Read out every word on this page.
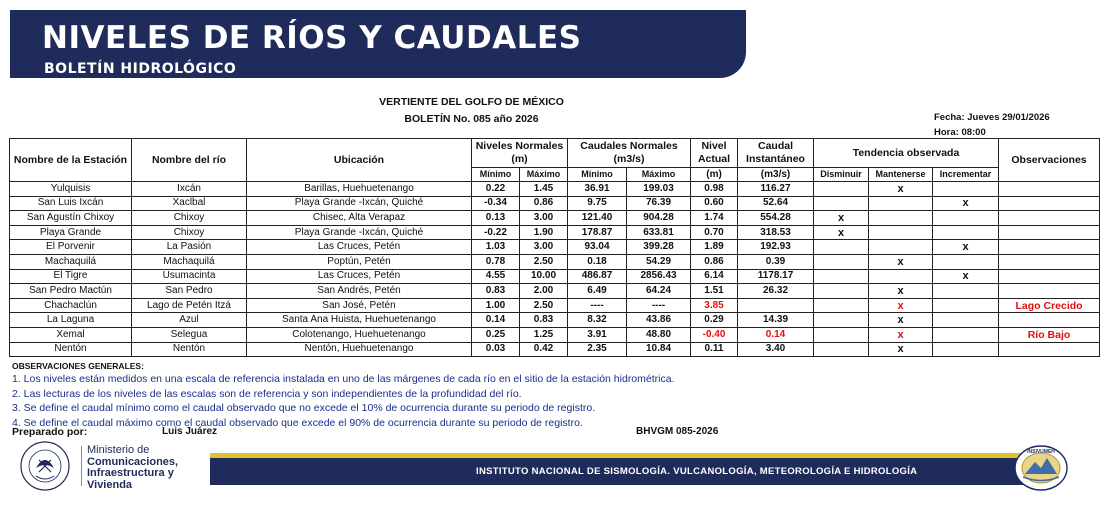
NIVELES DE RÍOS Y CAUDALES
BOLETÍN HIDROLÓGICO
VERTIENTE DEL GOLFO DE MÉXICO
BOLETÍN No. 085 año 2026	Fecha: Jueves 29/01/2026
Hora: 08:00
Nombre de la Estación	Nombre del río	Ubicación	Niveles Normales (m)		Caudales Normales (m3/s)		Nivel Actual	Caudal Instantáneo	Tendencia observada			Observaciones
			Mínimo	Máximo	Mínimo	Máximo	(m)	(m3/s)	Disminuir	Mantenerse	Incrementar	
Yulquisis	Ixcán	Barillas, Huehuetenango	0.22	1.45	36.91	199.03	0.98	116.27		x		
San Luis Ixcán	Xaclbal	Playa Grande -Ixcán, Quiché	-0.34	0.86	9.75	76.39	0.60	52.64			x	
San Agustín Chixoy	Chixoy	Chisec, Alta Verapaz	0.13	3.00	121.40	904.28	1.74	554.28	x			
Playa Grande	Chixoy	Playa Grande -Ixcán, Quiché	-0.22	1.90	178.87	633.81	0.70	318.53	x			
El Porvenir	La Pasión	Las Cruces, Petén	1.03	3.00	93.04	399.28	1.89	192.93			x	
Machaquilá	Machaquilá	Poptún, Petén	0.78	2.50	0.18	54.29	0.86	0.39		x		
El Tigre	Usumacinta	Las Cruces, Petén	4.55	10.00	486.87	2856.43	6.14	1178.17			x	
San Pedro Mactún	San Pedro	San Andrés, Petén	0.83	2.00	6.49	64.24	1.51	26.32		x		
Chachaclún	Lago de Petén Itzá	San José, Petén	1.00	2.50	----	----	3.85			x		Lago Crecido
La Laguna	Azul	Santa Ana Huista, Huehuetenango	0.14	0.83	8.32	43.86	0.29	14.39		x		
Xemal	Selegua	Colotenango, Huehuetenango	0.25	1.25	3.91	48.80	-0.40	0.14		x		Río Bajo
Nentón	Nentón	Nentón, Huehuetenango	0.03	0.42	2.35	10.84	0.11	3.40		x		
OBSERVACIONES GENERALES:
1. Los niveles están medidos en una escala de referencia instalada en uno de las márgenes de cada río en el sitio de la estación hidrométrica.
2. Las lecturas de los niveles de las escalas son de referencia y son independientes de la profundidad del río.
3. Se define el caudal mínimo como el caudal observado que no excede el 10% de ocurrencia durante su periodo de registro.
4. Se define el caudal máximo como el caudal observado que excede el 90% de ocurrencia durante su periodo de registro.
Preparado por:	Luis Juárez	BHVGM 085-2026
Ministerio de
Comunicaciones,
Infraestructura y
Vivienda
INSTITUTO NACIONAL DE SISMOLOGÍA. VULCANOLOGÍA, METEOROLOGÍA E HIDROLOGÍA
INSIVUMEH
